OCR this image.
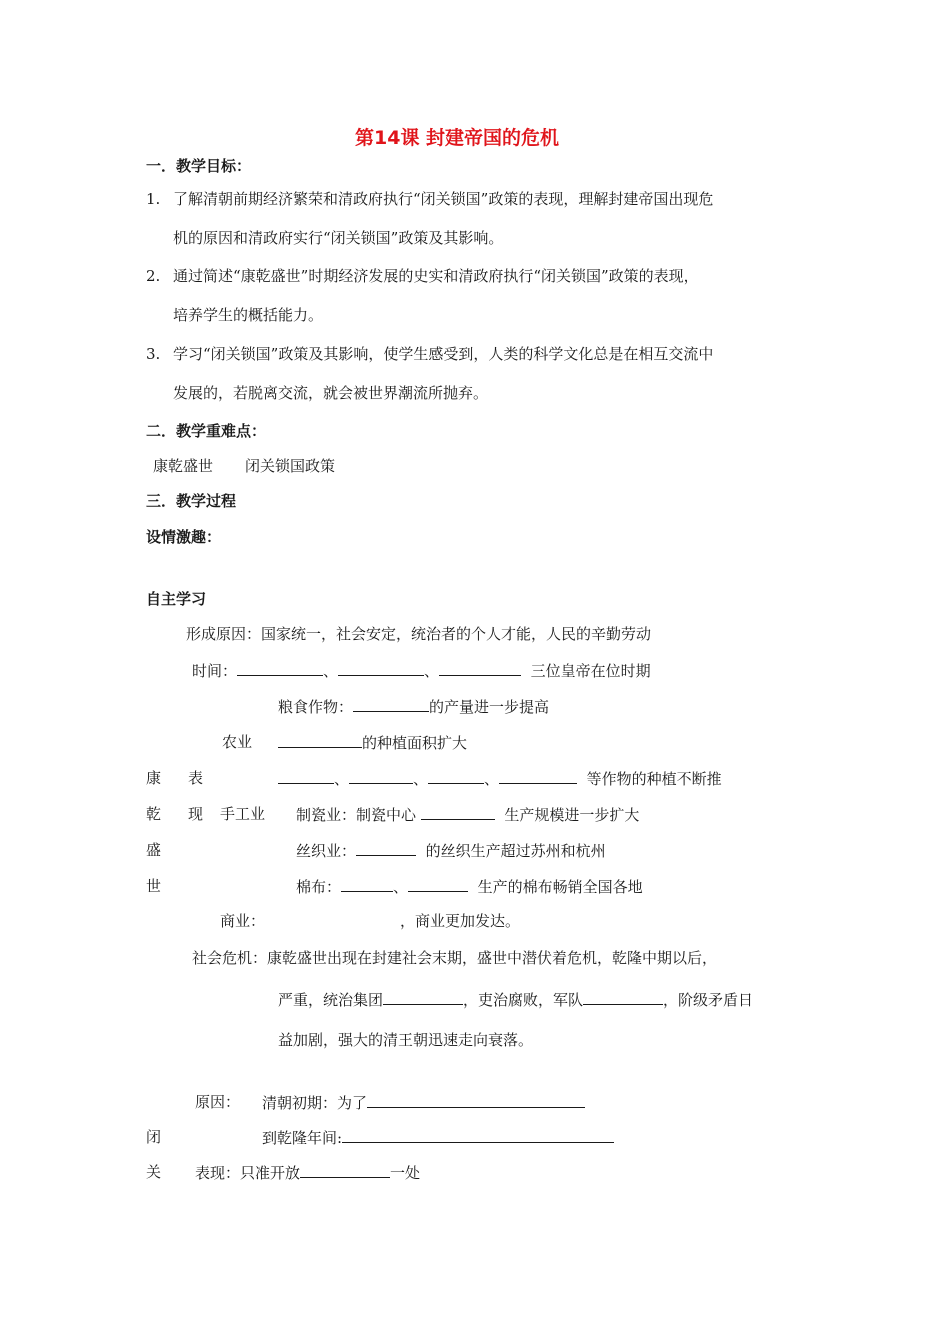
第14课 封建帝国的危机
一．教学目标：
1. 了解清朝前期经济繁荣和清政府执行“闭关锁国”政策的表现，理解封建帝国出现危
机的原因和清政府实行“闭关锁国”政策及其影响。
2. 通过简述“康乾盛世”时期经济发展的史实和清政府执行“闭关锁国”政策的表现，
培养学生的概括能力。
3. 学习“闭关锁国”政策及其影响，使学生感受到，人类的科学文化总是在相互交流中
发展的，若脱离交流，就会被世界潮流所抛弃。
二．教学重难点：
康乾盛世 闭关锁国政策
三．教学过程
设情激趣：
自主学习
形成原因：国家统一，社会安定，统治者的个人才能，人民的辛勤劳动
时间：	、	、	三位皇帝在位时期
粮食作物：	的产量进一步提高
农业	的种植面积扩大
康 表	、	、	、	等作物的种植不断推
乾 现 手工业 制瓷业：制瓷中心	生产规模进一步扩大
盛	丝织业：	的丝织生产超过苏州和杭州
世	棉布：	、	生产的棉布畅销全国各地
商业：	，商业更加发达。
社会危机：康乾盛世出现在封建社会末期，盛世中潜伏着危机，乾隆中期以后，
严重，统治集团	，吏治腐败，军队	，阶级矛盾日
益加剧，强大的清王朝迅速走向衰落。
原因： 清朝初期：为了
闭	到乾隆年间:
关 表现：只准开放	一处
